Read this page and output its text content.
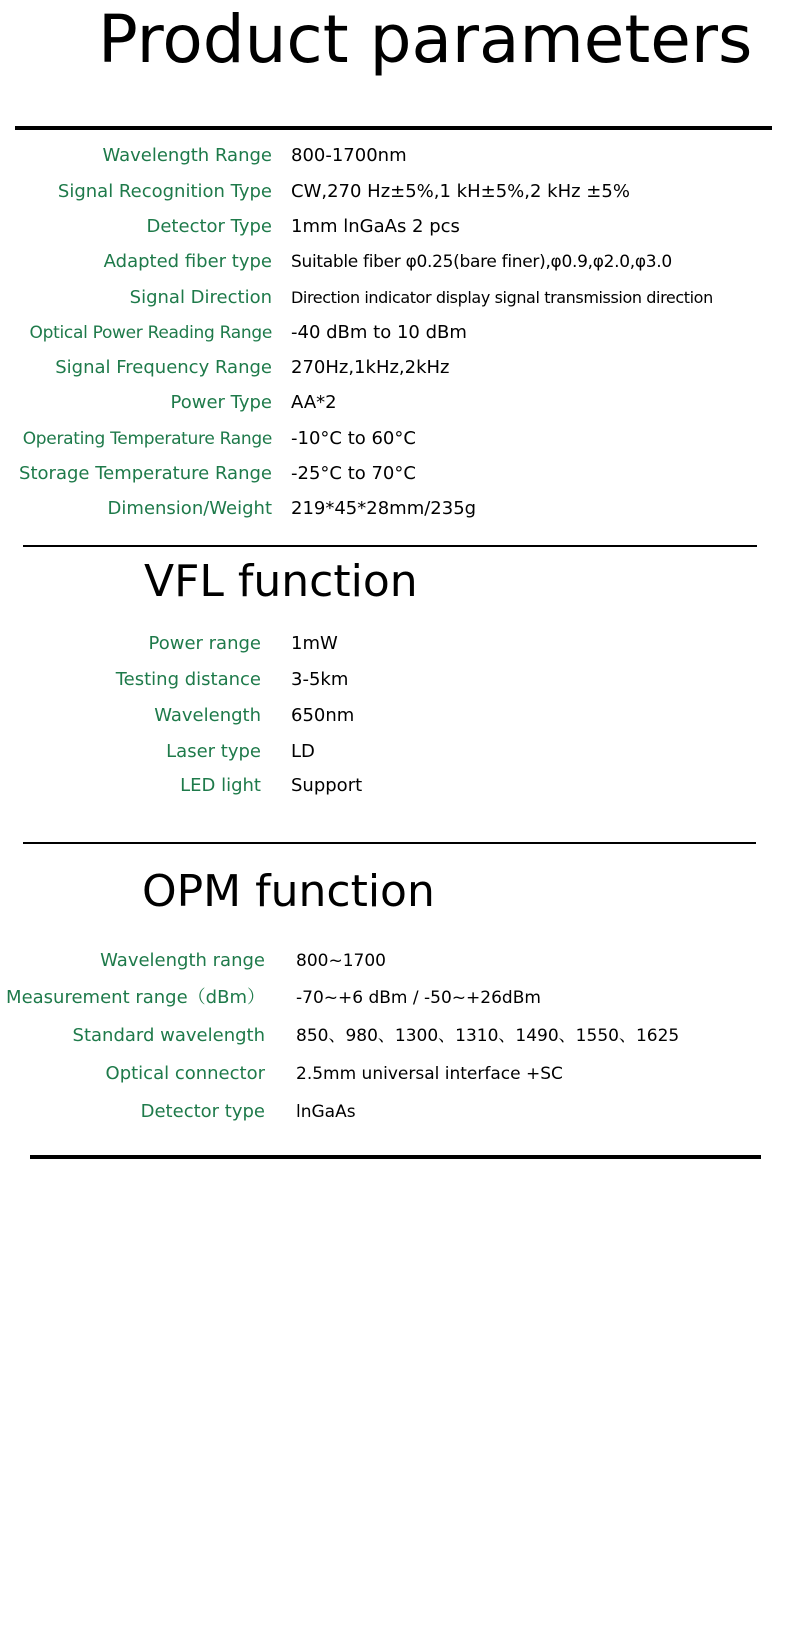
Product parameters
Wavelength Range 800-1700nm
Signal Recognition Type CW,270 Hz±5%,1 kH±5%,2 kHz ±5%
Detector Type 1mm lnGaAs 2 pcs
Adapted fiber type Suitable fiber φ0.25(bare finer),φ0.9,φ2.0,φ3.0
Signal Direction Direction indicator display signal transmission direction
Optical Power Reading Range -40 dBm to 10 dBm
Signal Frequency Range 270Hz,1kHz,2kHz
Power Type AA*2
Operating Temperature Range -10°C to 60°C
Storage Temperature Range -25°C to 70°C
Dimension/Weight 219*45*28mm/235g
VFL function
Power range 1mW
Testing distance 3-5km
Wavelength 650nm
Laser type LD
LED light Support
OPM function
Wavelength range 800~1700
Measurement range（dBm） -70~+6 dBm / -50~+26dBm
Standard wavelength 850、980、1300、1310、1490、1550、1625
Optical connector 2.5mm universal interface +SC
Detector type lnGaAs
